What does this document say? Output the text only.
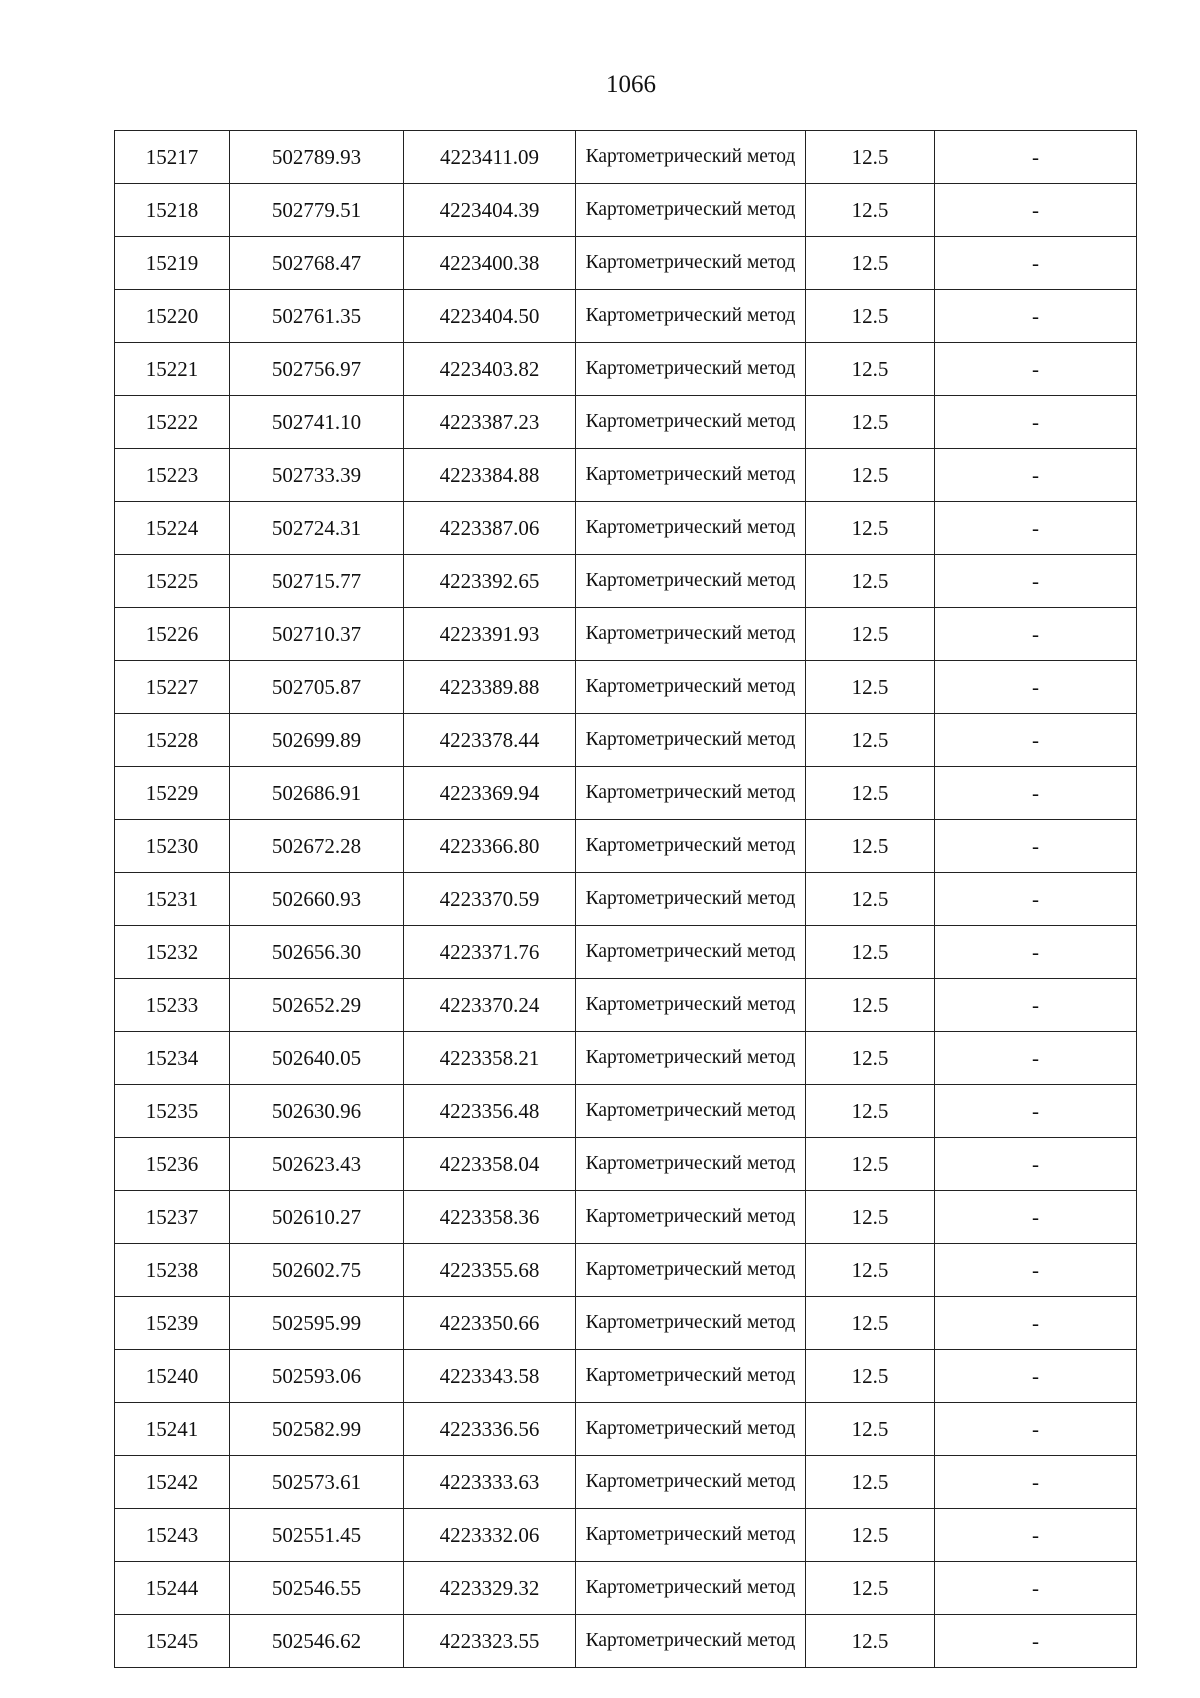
1066
15217	502789.93	4223411.09	Картометрический метод	12.5	-
15218	502779.51	4223404.39	Картометрический метод	12.5	-
15219	502768.47	4223400.38	Картометрический метод	12.5	-
15220	502761.35	4223404.50	Картометрический метод	12.5	-
15221	502756.97	4223403.82	Картометрический метод	12.5	-
15222	502741.10	4223387.23	Картометрический метод	12.5	-
15223	502733.39	4223384.88	Картометрический метод	12.5	-
15224	502724.31	4223387.06	Картометрический метод	12.5	-
15225	502715.77	4223392.65	Картометрический метод	12.5	-
15226	502710.37	4223391.93	Картометрический метод	12.5	-
15227	502705.87	4223389.88	Картометрический метод	12.5	-
15228	502699.89	4223378.44	Картометрический метод	12.5	-
15229	502686.91	4223369.94	Картометрический метод	12.5	-
15230	502672.28	4223366.80	Картометрический метод	12.5	-
15231	502660.93	4223370.59	Картометрический метод	12.5	-
15232	502656.30	4223371.76	Картометрический метод	12.5	-
15233	502652.29	4223370.24	Картометрический метод	12.5	-
15234	502640.05	4223358.21	Картометрический метод	12.5	-
15235	502630.96	4223356.48	Картометрический метод	12.5	-
15236	502623.43	4223358.04	Картометрический метод	12.5	-
15237	502610.27	4223358.36	Картометрический метод	12.5	-
15238	502602.75	4223355.68	Картометрический метод	12.5	-
15239	502595.99	4223350.66	Картометрический метод	12.5	-
15240	502593.06	4223343.58	Картометрический метод	12.5	-
15241	502582.99	4223336.56	Картометрический метод	12.5	-
15242	502573.61	4223333.63	Картометрический метод	12.5	-
15243	502551.45	4223332.06	Картометрический метод	12.5	-
15244	502546.55	4223329.32	Картометрический метод	12.5	-
15245	502546.62	4223323.55	Картометрический метод	12.5	-
